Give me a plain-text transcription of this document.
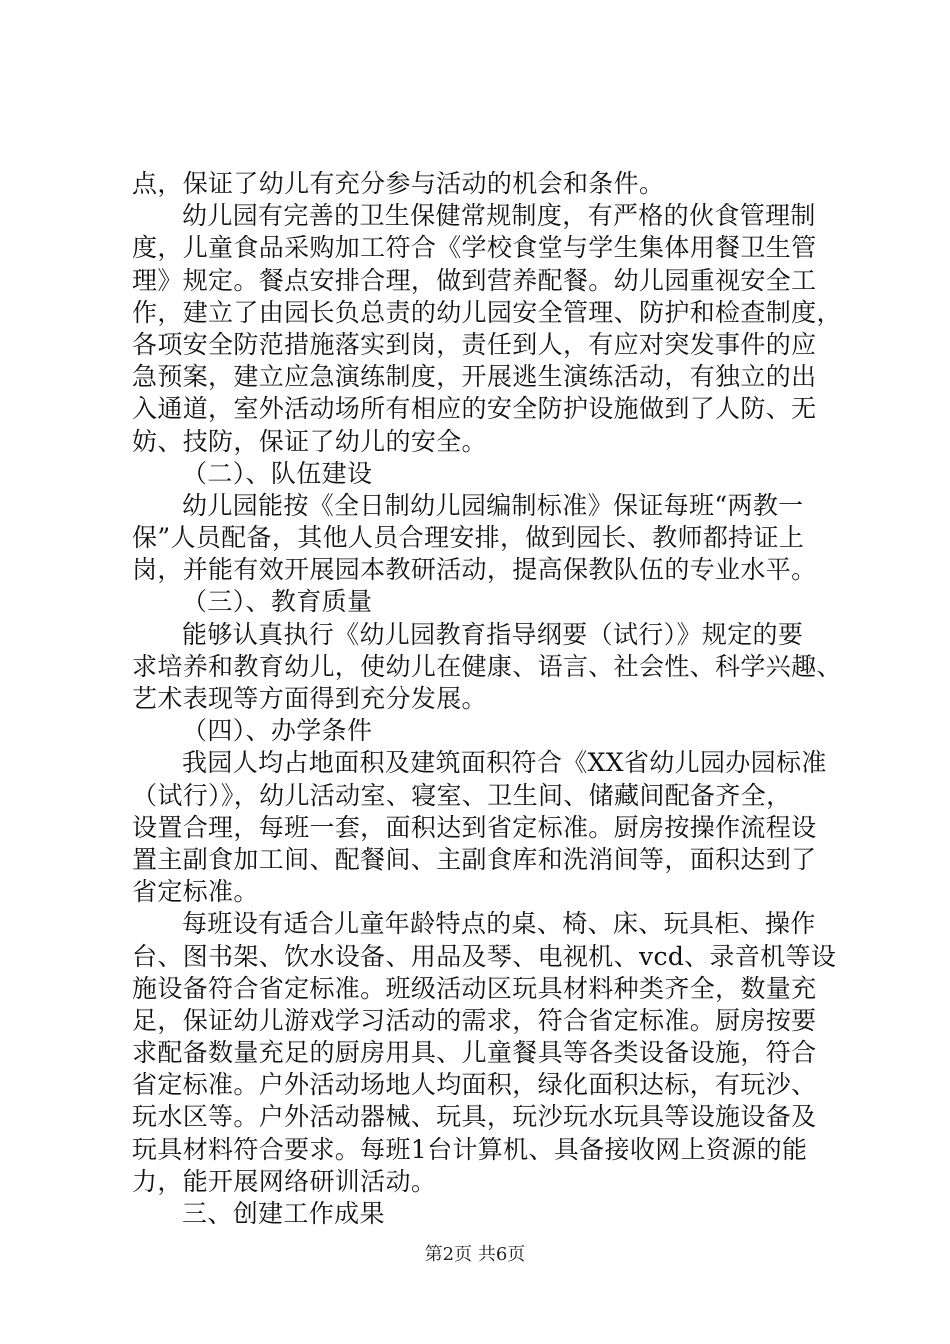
点，保证了幼儿有充分参与活动的机会和条件。
幼儿园有完善的卫生保健常规制度，有严格的伙食管理制
度，儿童食品采购加工符合《学校食堂与学生集体用餐卫生管
理》规定。餐点安排合理，做到营养配餐。幼儿园重视安全工
作，建立了由园长负总责的幼儿园安全管理、防护和检查制度，
各项安全防范措施落实到岗，责任到人，有应对突发事件的应
急预案，建立应急演练制度，开展逃生演练活动，有独立的出
入通道，室外活动场所有相应的安全防护设施做到了人防、无
妨、技防，保证了幼儿的安全。
（二）、队伍建设
幼儿园能按《全日制幼儿园编制标准》保证每班“两教一
保”人员配备，其他人员合理安排，做到园长、教师都持证上
岗，并能有效开展园本教研活动，提高保教队伍的专业水平。
（三）、教育质量
能够认真执行《幼儿园教育指导纲要（试行）》规定的要
求培养和教育幼儿，使幼儿在健康、语言、社会性、科学兴趣、
艺术表现等方面得到充分发展。
（四）、办学条件
我园人均占地面积及建筑面积符合《XX省幼儿园办园标准
（试行）》，幼儿活动室、寝室、卫生间、储藏间配备齐全，
设置合理，每班一套，面积达到省定标准。厨房按操作流程设
置主副食加工间、配餐间、主副食库和洗消间等，面积达到了
省定标准。
每班设有适合儿童年龄特点的桌、椅、床、玩具柜、操作
台、图书架、饮水设备、用品及琴、电视机、vcd、录音机等设
施设备符合省定标准。班级活动区玩具材料种类齐全，数量充
足，保证幼儿游戏学习活动的需求，符合省定标准。厨房按要
求配备数量充足的厨房用具、儿童餐具等各类设备设施，符合
省定标准。户外活动场地人均面积，绿化面积达标，有玩沙、
玩水区等。户外活动器械、玩具，玩沙玩水玩具等设施设备及
玩具材料符合要求。每班1台计算机、具备接收网上资源的能
力，能开展网络研训活动。
三、创建工作成果
第2页 共6页
